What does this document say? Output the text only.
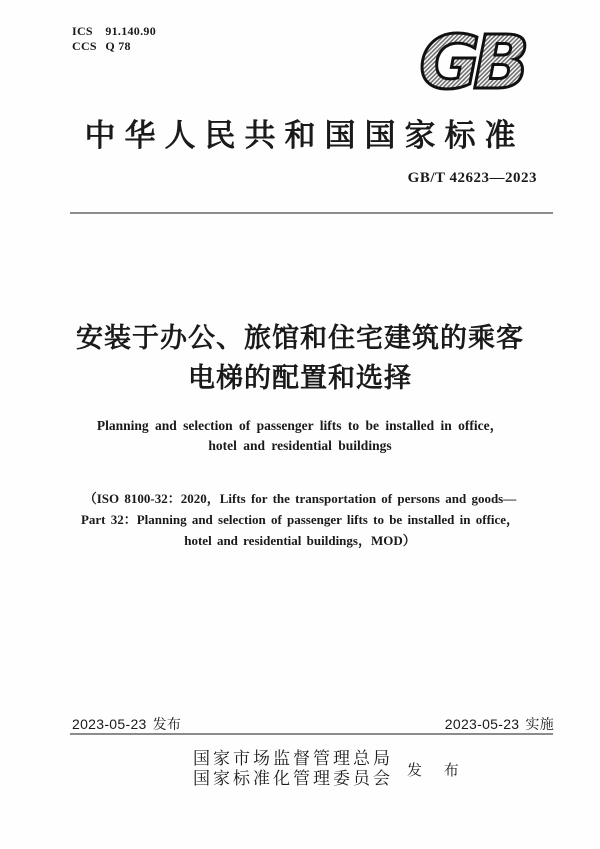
ICS 91.140.90
CCS Q 78	GB
中华人民共和国国家标准
GB/T 42623—2023
安装于办公、旅馆和住宅建筑的乘客
电梯的配置和选择
Planning and selection of passenger lifts to be installed in office，
hotel and residential buildings
（ISO 8100-32：2020，Lifts for the transportation of persons and goods—
Part 32：Planning and selection of passenger lifts to be installed in office，
hotel and residential buildings，MOD）
2023-05-23 发布	2023-05-23 实施
国家市场监督管理总局
国家标准化管理委员会 发 布
